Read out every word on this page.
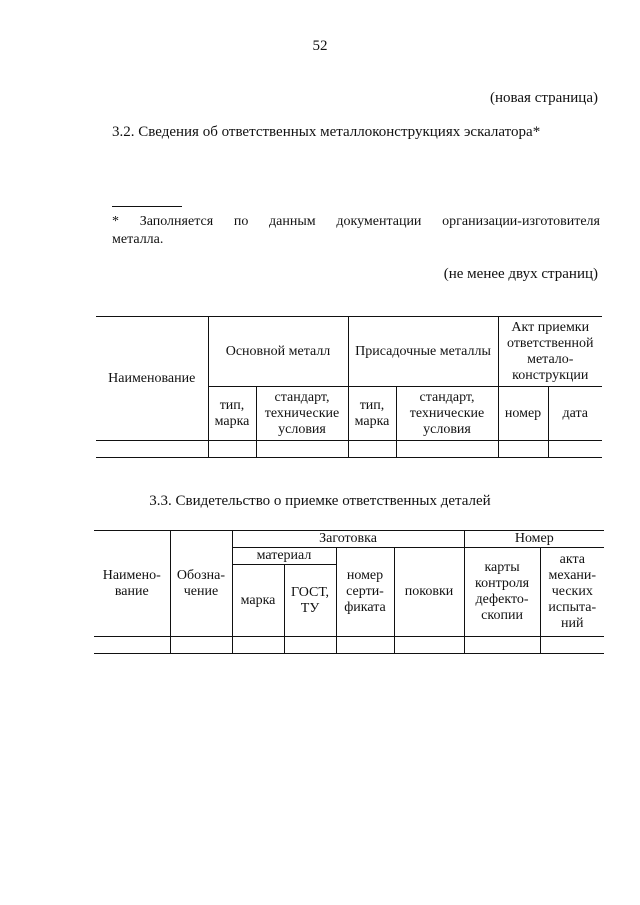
52
(новая страница)
3.2. Сведения об ответственных металлоконструкциях эскалатора*
* Заполняется по данным документации организации-изготовителя
металла.
(не менее двух страниц)
Наименование	Основной металл		Присадочные металлы		Акт приемки ответственной метало-конструкции	
	тип, марка	стандарт, технические условия	тип, марка	стандарт, технические условия	номер	дата

3.3. Свидетельство о приемке ответственных деталей
Наимено-вание	Обозна-чение	Заготовка				Номер	
		материал		номер серти-фиката	поковки	карты контроля дефекто-скопии	акта механи-ческих испыта-ний
		марка	ГОСТ, ТУ				
